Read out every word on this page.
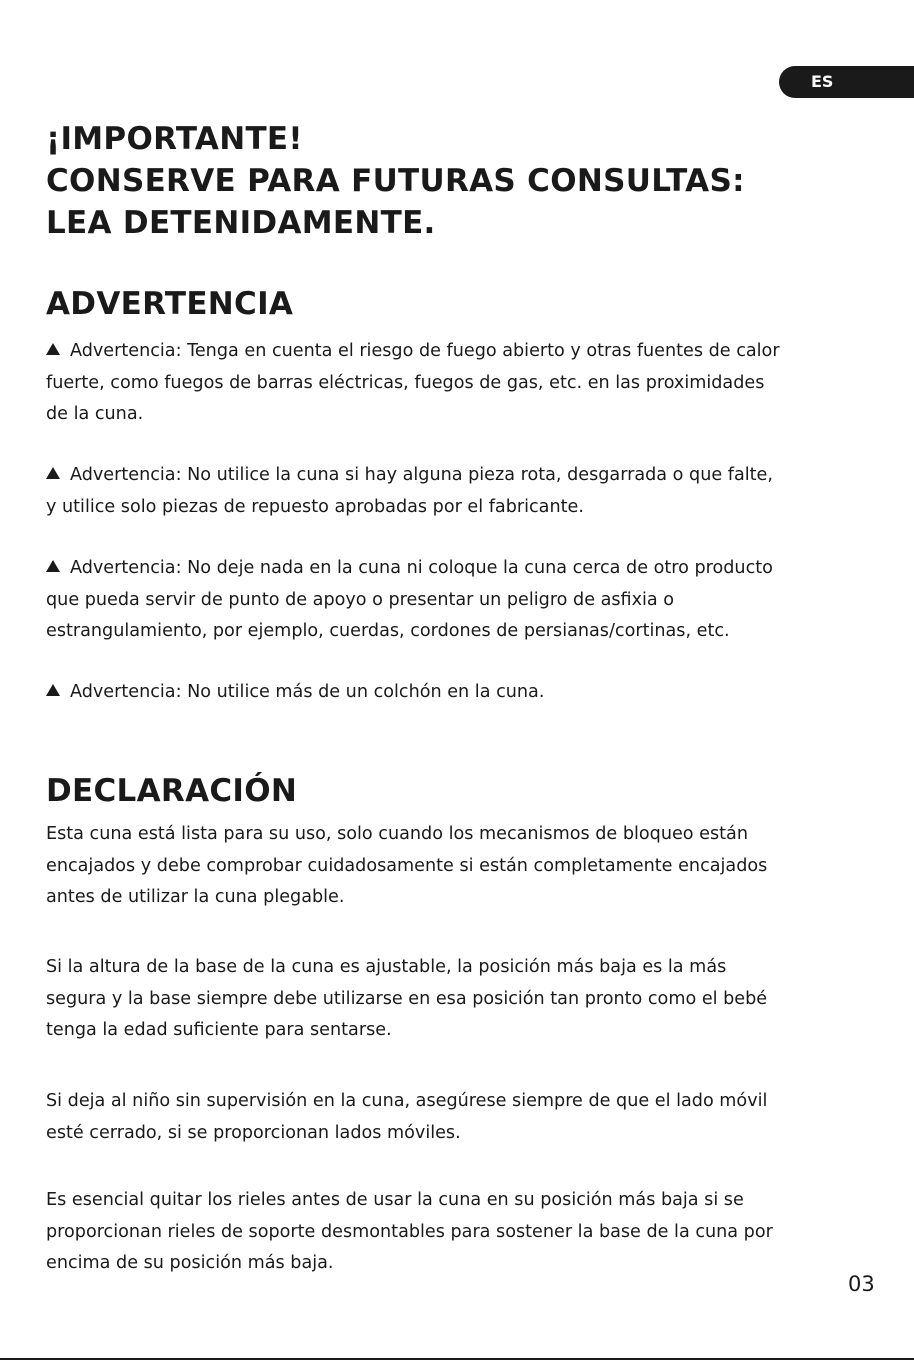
ES
¡IMPORTANTE!
CONSERVE PARA FUTURAS CONSULTAS:
LEA DETENIDAMENTE.
ADVERTENCIA

Advertencia: Tenga en cuenta el riesgo de fuego abierto y otras fuentes de calor
fuerte, como fuegos de barras eléctricas, fuegos de gas, etc. en las proximidades
de la cuna.

Advertencia: No utilice la cuna si hay alguna pieza rota, desgarrada o que falte,
y utilice solo piezas de repuesto aprobadas por el fabricante.

Advertencia: No deje nada en la cuna ni coloque la cuna cerca de otro producto
que pueda servir de punto de apoyo o presentar un peligro de asfixia o
estrangulamiento, por ejemplo, cuerdas, cordones de persianas/cortinas, etc.

Advertencia: No utilice más de un colchón en la cuna.

DECLARACIÓN

Esta cuna está lista para su uso, solo cuando los mecanismos de bloqueo están
encajados y debe comprobar cuidadosamente si están completamente encajados
antes de utilizar la cuna plegable.

Si la altura de la base de la cuna es ajustable, la posición más baja es la más
segura y la base siempre debe utilizarse en esa posición tan pronto como el bebé
tenga la edad suficiente para sentarse.

Si deja al niño sin supervisión en la cuna, asegúrese siempre de que el lado móvil
esté cerrado, si se proporcionan lados móviles.

Es esencial quitar los rieles antes de usar la cuna en su posición más baja si se
proporcionan rieles de soporte desmontables para sostener la base de la cuna por
encima de su posición más baja.

03
